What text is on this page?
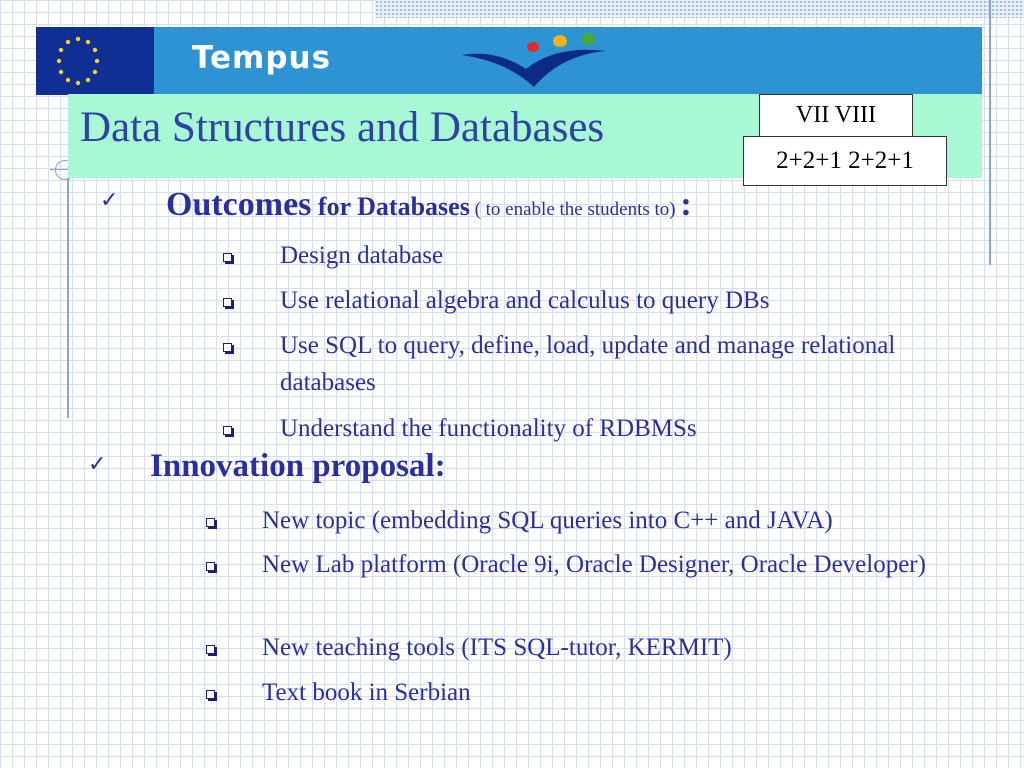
Tempus
Data Structures and Databases	VII VIII
2+2+1 2+2+1
✓ Outcomes for Databases ( to enable the students to) :
Design database
Use relational algebra and calculus to query DBs
Use SQL to query, define, load, update and manage relational databases
Understand the functionality of RDBMSs
✓ Innovation proposal:
New topic (embedding SQL queries into C++ and JAVA)
New Lab platform (Oracle 9i, Oracle Designer, Oracle Developer)
New teaching tools (ITS SQL-tutor, KERMIT)
Text book in Serbian
